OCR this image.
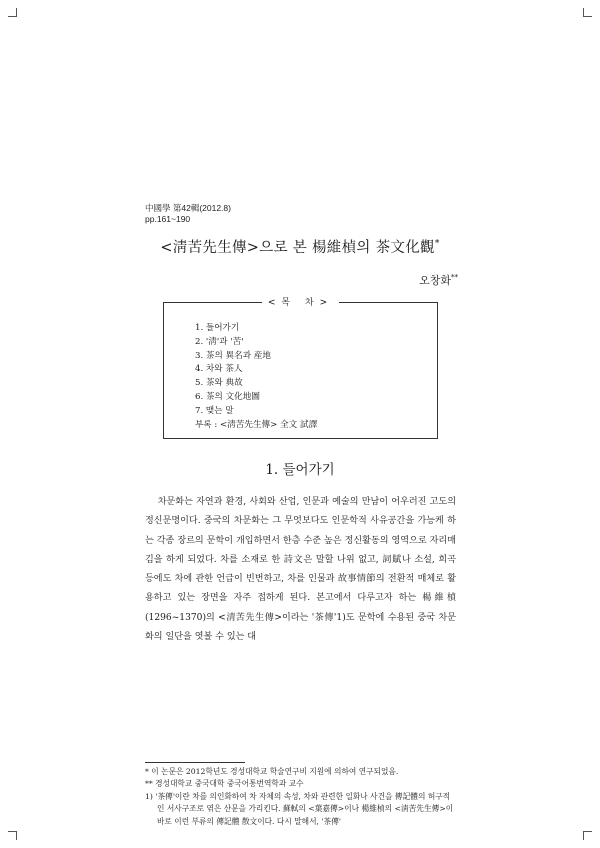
中國學 第42輯(2012.8)
pp.161~190
<淸苦先生傳>으로 본 楊維楨의 茶文化觀*
오창화**
<목 차>
1. 들어가기
2. '淸'과 '苦'
3. 茶의 異名과 産地
4. 차와 茶人
5. 茶와 典故
6. 茶의 文化地圖
7. 맺는 말
부록 : <淸苦先生傳> 全文 試譯
1. 들어가기

차문화는 자연과 환경, 사회와 산업, 인문과 예술의 만남이 어우러진 고도의 정신문명이다. 중국의 차문화는 그 무엇보다도 인문학적 사유공간을 가능케 하는 각종 장르의 문학이 개입하면서 한층 수준 높은 정신활동의 영역으로 자리매김을 하게 되었다. 차를 소재로 한 詩文은 말할 나위 없고, 詞賦나 소설, 희곡 등에도 차에 관한 언급이 빈번하고, 차를 인물과 故事情節의 전환적 매체로 활용하고 있는 장면을 자주 접하게 된다. 본고에서 다루고자 하는 楊維楨(1296~1370)의 <淸苦先生傳>이라는 '茶傳'1)도 문학에 수용된 중국 차문화의 일단을 엿볼 수 있는 대

* 이 논문은 2012학년도 경성대학교 학술연구비 지원에 의하여 연구되었음.

** 경성대학교 중국대학 중국어통번역학과 교수

1) '茶傳'이란 차를 의인화하여 차 자체의 속성, 차와 관련한 일화나 사건을 傳記體의 허구적인 서사구조로 엮은 산문을 가리킨다. 蘇軾의 <葉嘉傳>이나 楊維楨의 <淸苦先生傳>이 바로 이런 부류의 傳記體 散文이다. 다시 말해서, '茶傳'
